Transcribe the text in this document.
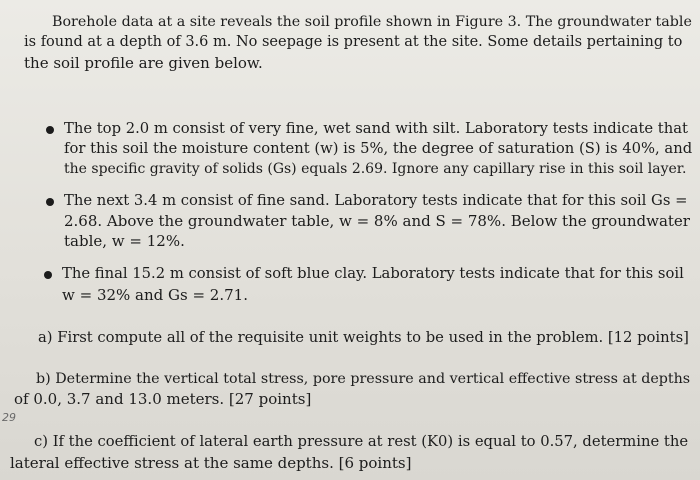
Borehole data at a site reveals the soil profile shown in Figure 3. The groundwater table
is found at a depth of 3.6 m. No seepage is present at the site. Some details pertaining to
the soil profile are given below.
The top 2.0 m consist of very fine, wet sand with silt. Laboratory tests indicate that
for this soil the moisture content (w) is 5%, the degree of saturation (S) is 40%, and
the specific gravity of solids (Gs) equals 2.69. Ignore any capillary rise in this soil layer.
The next 3.4 m consist of fine sand. Laboratory tests indicate that for this soil Gs =
2.68. Above the groundwater table, w = 8% and S = 78%. Below the groundwater
table, w = 12%.
The final 15.2 m consist of soft blue clay. Laboratory tests indicate that for this soil
w = 32% and Gs = 2.71.
a) First compute all of the requisite unit weights to be used in the problem. [12 points]
b) Determine the vertical total stress, pore pressure and vertical effective stress at depths
of 0.0, 3.7 and 13.0 meters. [27 points]
29
c) If the coefficient of lateral earth pressure at rest (K0) is equal to 0.57, determine the
lateral effective stress at the same depths. [6 points]
